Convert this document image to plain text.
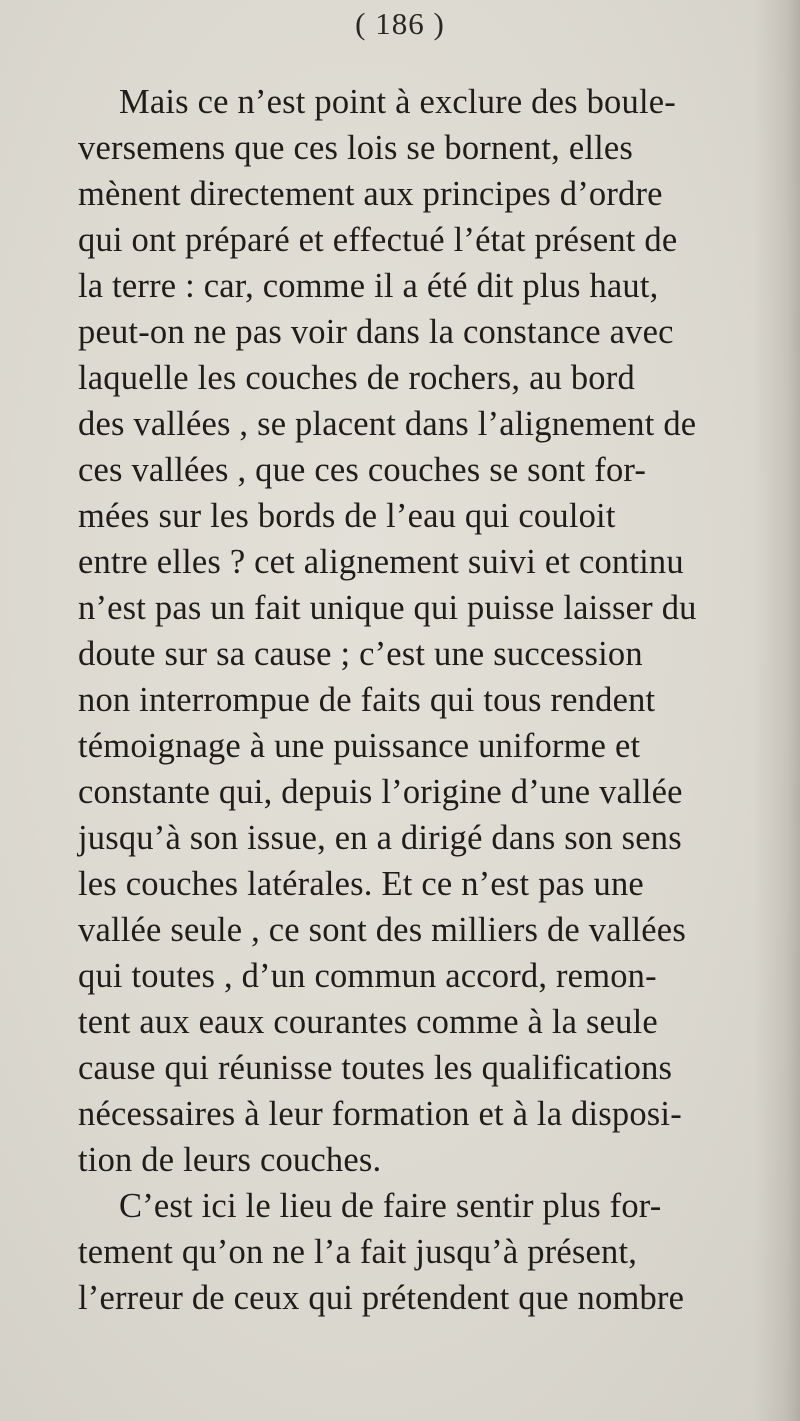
( 186 )
Mais ce n’est point à exclure des boule-
versemens que ces lois se bornent, elles
mènent directement aux principes d’ordre
qui ont préparé et effectué l’état présent de
la terre : car, comme il a été dit plus haut,
peut-on ne pas voir dans la constance avec
laquelle les couches de rochers, au bord
des vallées , se placent dans l’alignement de
ces vallées , que ces couches se sont for-
mées sur les bords de l’eau qui couloit
entre elles ? cet alignement suivi et continu
n’est pas un fait unique qui puisse laisser du
doute sur sa cause ; c’est une succession
non interrompue de faits qui tous rendent
témoignage à une puissance uniforme et
constante qui, depuis l’origine d’une vallée
jusqu’à son issue, en a dirigé dans son sens
les couches latérales. Et ce n’est pas une
vallée seule , ce sont des milliers de vallées
qui toutes , d’un commun accord, remon-
tent aux eaux courantes comme à la seule
cause qui réunisse toutes les qualifications
nécessaires à leur formation et à la disposi-
tion de leurs couches.
C’est ici le lieu de faire sentir plus for-
tement qu’on ne l’a fait jusqu’à présent,
l’erreur de ceux qui prétendent que nombre
